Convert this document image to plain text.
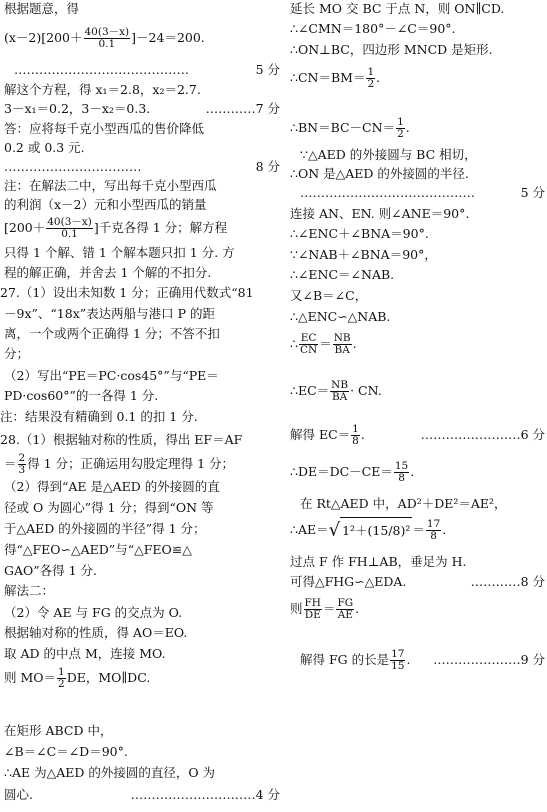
根据题意，得
$(x-2)[200+ \frac{40(3-x)}{0.1} ]-24=200$.
……………………………………	5 分
解这个方程，得 x₁＝2.8，x₂＝2.7.
3－x₁＝0.2，3－x₂＝0.3.	…………7 分
答：应将每千克小型西瓜的售价降低
0.2 或 0.3 元.
……………………………	8 分
注：在解法二中，写出每千克小型西瓜
的利润（x－2）元和小型西瓜的销量
[$200+ \frac{40(3-x)}{0.1}$ ]千克各得 1 分；解方程
只得 1 个解、错 1 个解本题只扣 1 分. 方
程的解正确，并舍去 1 个解的不扣分.
27.（1）设出未知数 1 分；正确用代数式“81
－9x”、“18x”表达两船与港口 P 的距
离，一个或两个正确得 1 分；不答不扣
分；
（2）写出“PE＝PC·cos45°”与“PE＝
PD·cos60°”的一各得 1 分.
注：结果没有精确到 0.1 的扣 1 分.
28.（1）根据轴对称的性质，得出 EF＝AF
＝ $\frac{2}{3}$ 得 1 分；正确运用勾股定理得 1 分；
（2）得到“AE 是△AED 的外接圆的直
径或 O 为圆心”得 1 分；得到“ON 等
于△AED 的外接圆的半径”得 1 分；
得“△FEO∽△AED”与“△FEO≌△
GAO”各得 1 分.
解法二：
（2）令 AE 与 FG 的交点为 O.
根据轴对称的性质，得 AO＝EO.
取 AD 的中点 M，连接 MO.
则 $MO= \frac{1}{2}$ DE，MO∥DC.
在矩形 ABCD 中，
∠B＝∠C＝∠D＝90°.
∴AE 为△AED 的外接圆的直径，O 为
圆心.	…………………………4 分
延长 MO 交 BC 于点 N，则 ON∥CD.
∴∠CMN＝180°－∠C＝90°.
∴ON⊥BC，四边形 MNCD 是矩形.
∴CN＝BM＝ $\frac{1}{2}$ .
∴BN＝BC－CN＝ $\frac{1}{2}$ .
∵△AED 的外接圆与 BC 相切，
∴ON 是△AED 的外接圆的半径.
……………………………………	5 分
连接 AN、EN. 则∠ANE＝90°.
∴∠ENC＋∠BNA＝90°.
∵∠NAB＋∠BNA＝90°，
∴∠ENC＝∠NAB.
又∠B＝∠C，
∴△ENC∽△NAB.
∴ $\frac{EC}{CN} = \frac{NB}{BA}$ .
∴EC＝ $\frac{NB}{BA}$ · CN.
解得 $EC= \frac{1}{8}$ .	……………………6 分
∴DE＝DC－CE＝ $\frac{15}{8}$ .
在 Rt△AED 中，AD²＋DE²＝AE²，
∴AE＝√ $1^2+(15/8)^2 = \frac{17}{8}$ .
过点 F 作 FH⊥AB，垂足为 H.
可得△FHG∽△EDA.	…………8 分
则 $\frac{FH}{DE} = \frac{FG}{AE}$ .
解得 FG 的长是 $\frac{17}{15}$ .	…………………9 分
